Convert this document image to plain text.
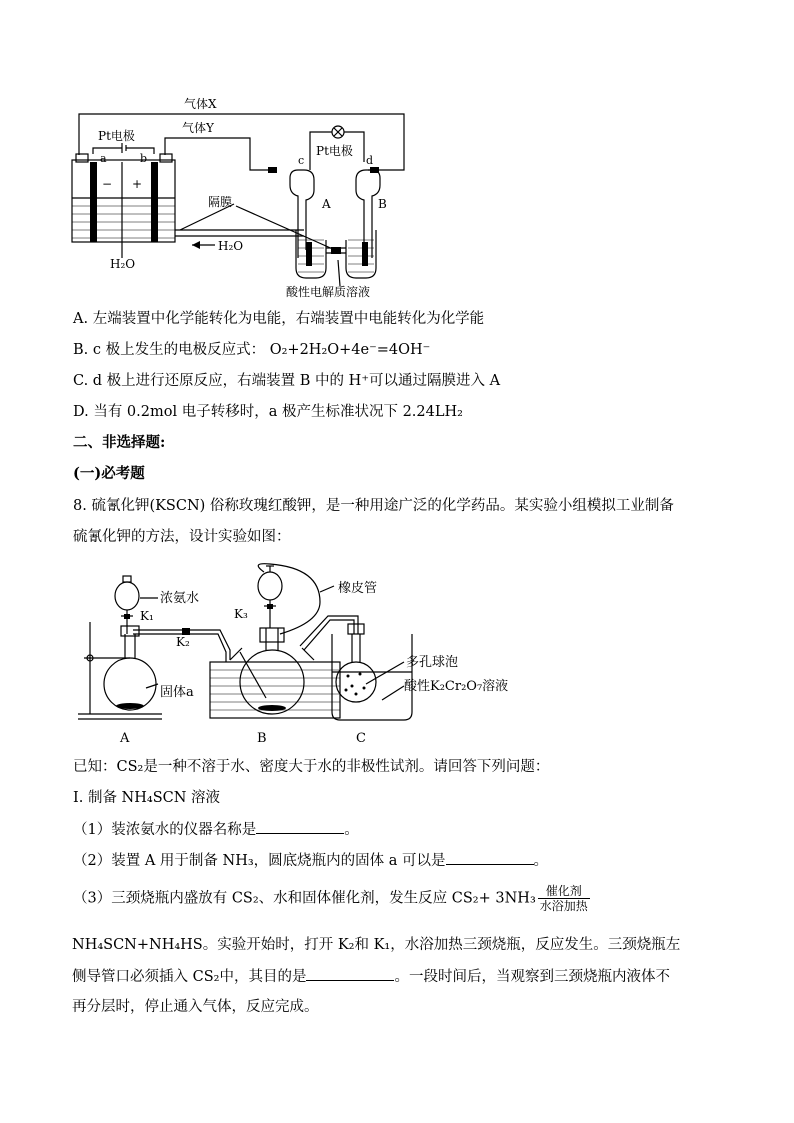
气体X
气体Y
Pt电极
a	b
− +
隔膜
H₂O
H₂O
Pt电极
c	d
A	B
酸性电解质溶液
A. 左端装置中化学能转化为电能，右端装置中电能转化为化学能
B. c 极上发生的电极反应式： O₂+2H₂O+4e⁻=4OH⁻
C. d 极上进行还原反应，右端装置 B 中的 H⁺可以通过隔膜进入 A
D. 当有 0.2mol 电子转移时，a 极产生标准状况下 2.24LH₂
二、非选择题:
(一)必考题
8. 硫氰化钾(KSCN) 俗称玫瑰红酸钾，是一种用途广泛的化学药品。某实验小组模拟工业制备
硫氰化钾的方法，设计实验如图：
浓氨水
K₁
K₂
K₃
橡皮管
固体a
多孔球泡
酸性K₂Cr₂O₇溶液
A	B	C
已知：CS₂是一种不溶于水、密度大于水的非极性试剂。请回答下列问题：
I. 制备 NH₄SCN 溶液
（1）装浓氨水的仪器名称是	。
（2）装置 A 用于制备 NH₃，圆底烧瓶内的固体 a 可以是	。
（3）三颈烧瓶内盛放有 CS₂、水和固体催化剂，发生反应 $CS_2+ 3NH_3 \frac{\text{催化剂}}{\text{水浴加热}}$
NH₄SCN+NH₄HS。实验开始时，打开 K₂和 K₁，水浴加热三颈烧瓶，反应发生。三颈烧瓶左
侧导管口必须插入 CS₂中，其目的是	。一段时间后，当观察到三颈烧瓶内液体不
再分层时，停止通入气体，反应完成。
